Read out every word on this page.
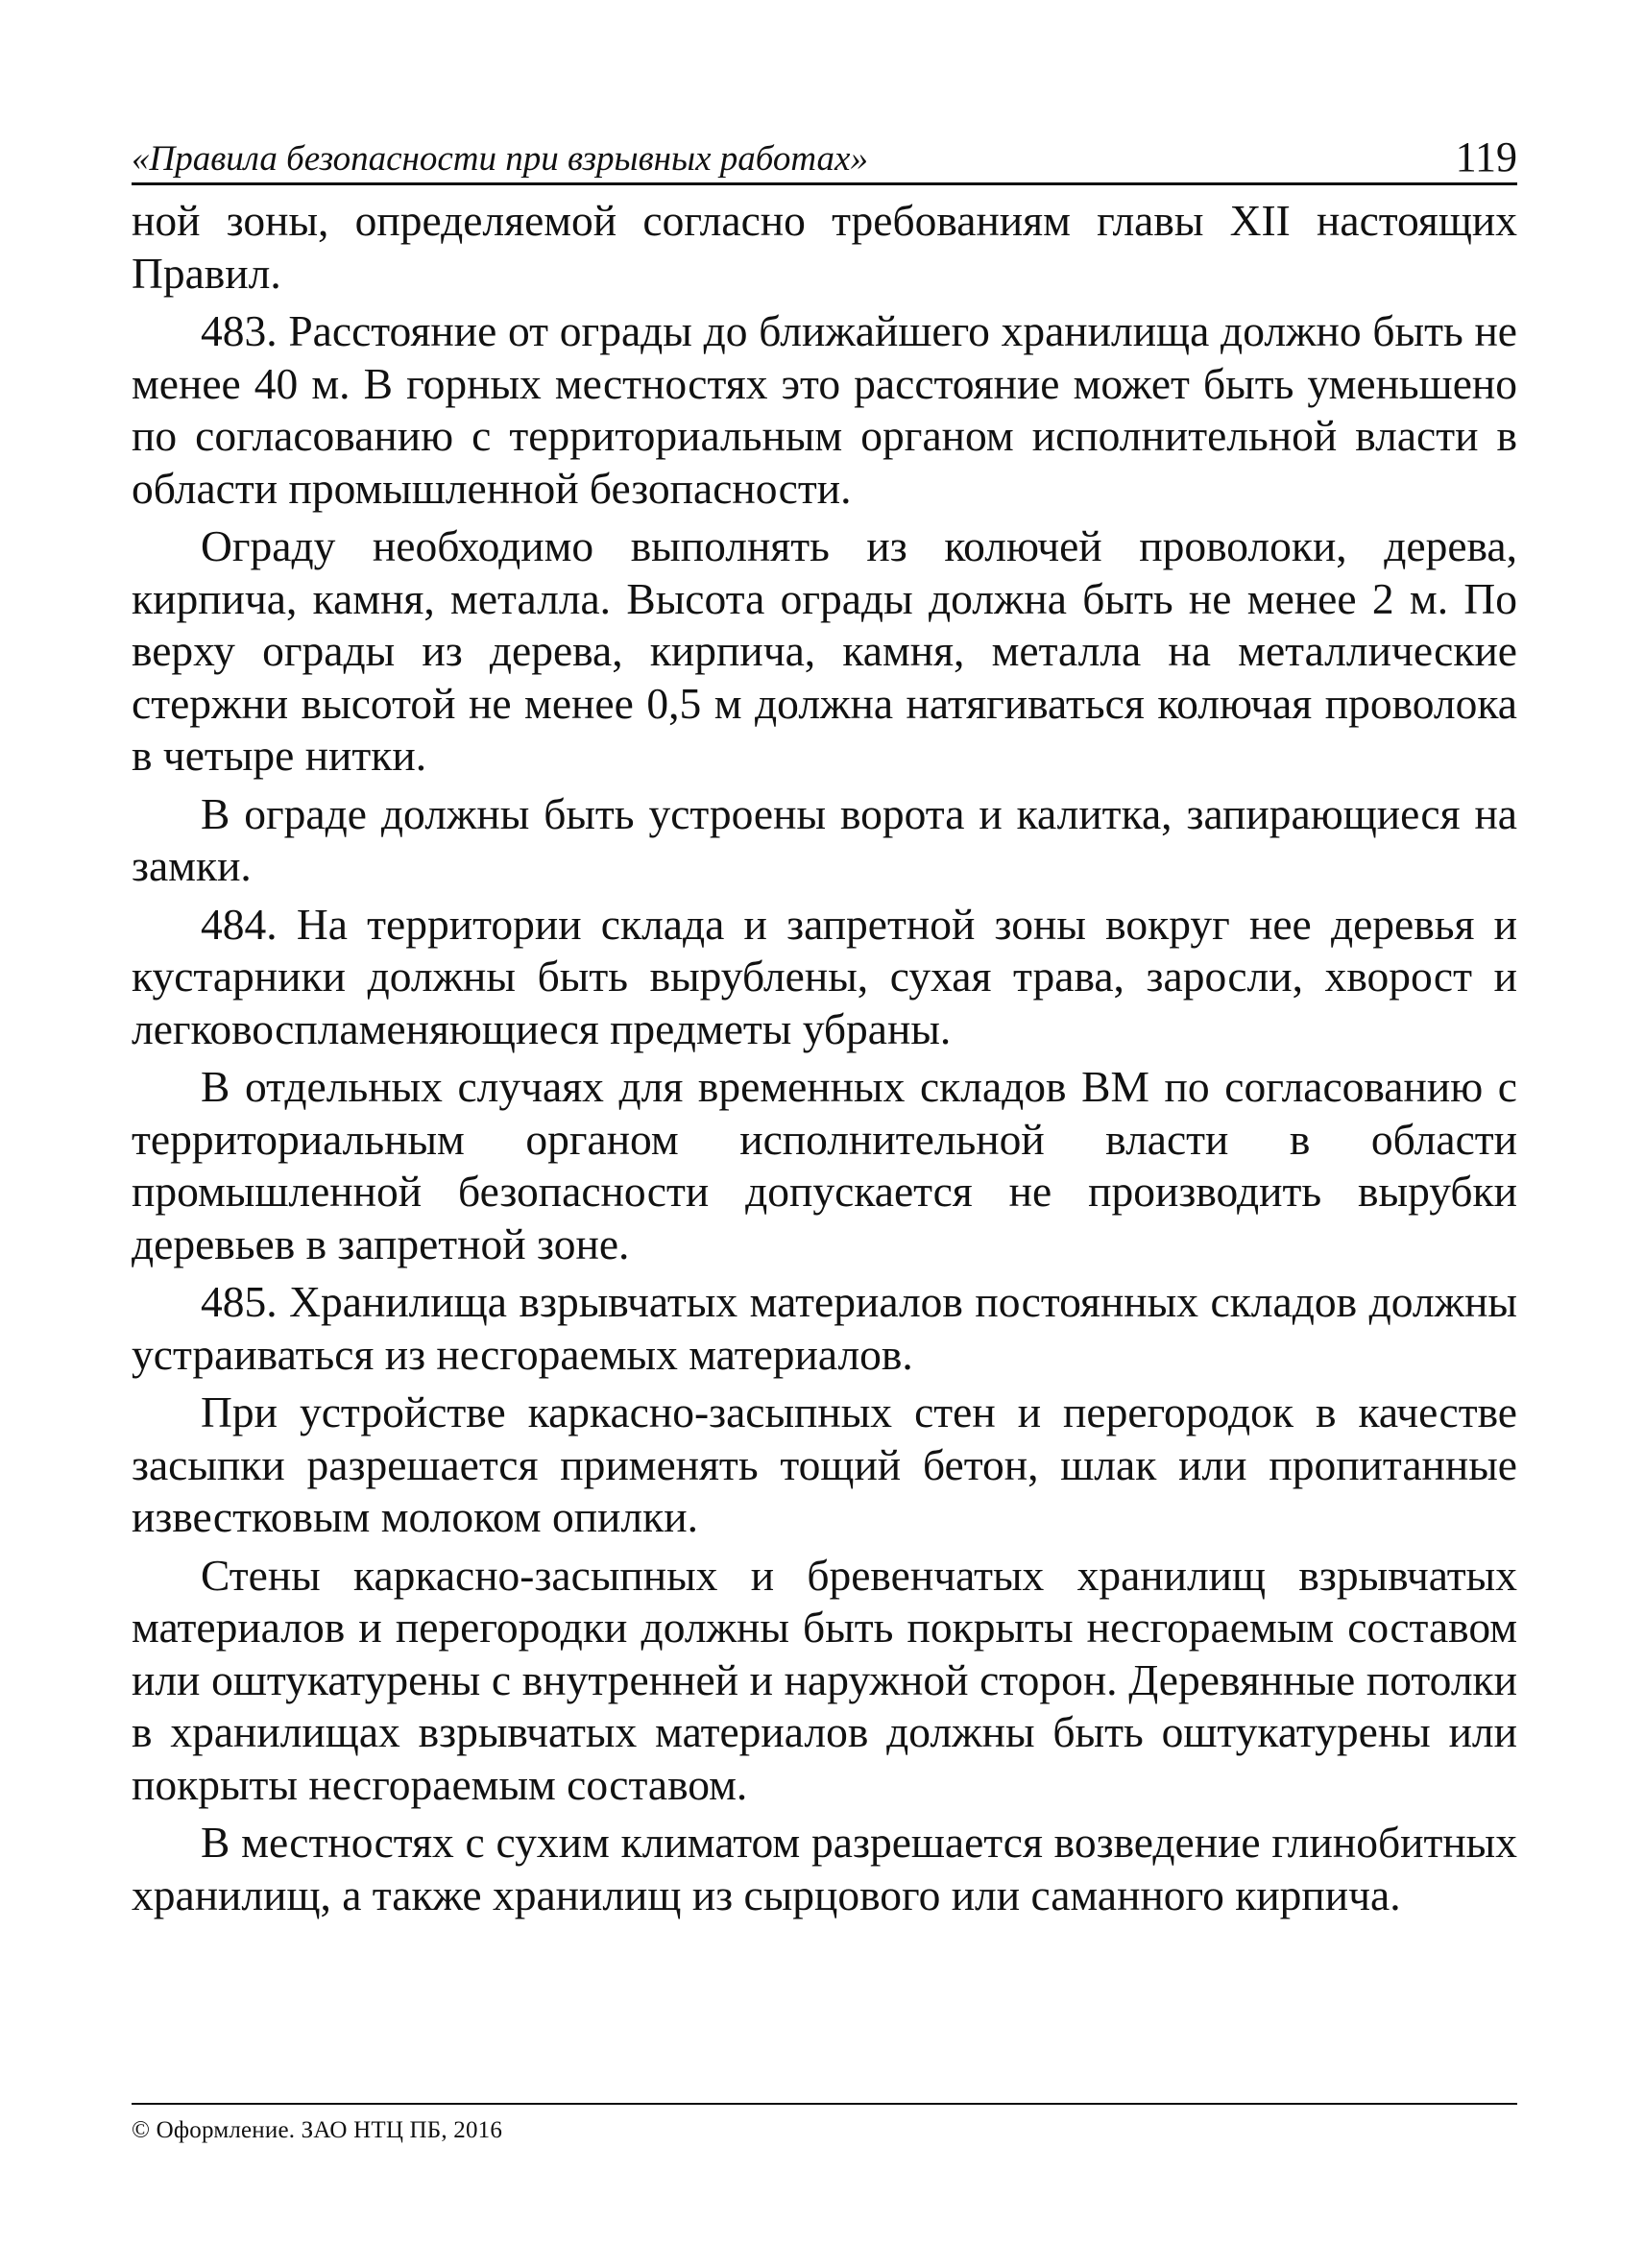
«Правила безопасности при взрывных работах»	119

ной зоны, определяемой согласно требованиям главы XII настоящих Правил.

483. Расстояние от ограды до ближайшего хранилища должно быть не менее 40 м. В горных местностях это расстояние может быть уменьшено по согласованию с территориальным органом исполнительной власти в области промышленной безопасности.

Ограду необходимо выполнять из колючей проволоки, дерева, кирпича, камня, металла. Высота ограды должна быть не менее 2 м. По верху ограды из дерева, кирпича, камня, металла на металлические стержни высотой не менее 0,5 м должна натягиваться колючая проволока в четыре нитки.

В ограде должны быть устроены ворота и калитка, запирающиеся на замки.

484. На территории склада и запретной зоны вокруг нее деревья и кустарники должны быть вырублены, сухая трава, заросли, хворост и легковоспламеняющиеся предметы убраны.

В отдельных случаях для временных складов ВМ по согласованию с территориальным органом исполнительной власти в области промышленной безопасности допускается не производить вырубки деревьев в запретной зоне.

485. Хранилища взрывчатых материалов постоянных складов должны устраиваться из несгораемых материалов.

При устройстве каркасно-засыпных стен и перегородок в качестве засыпки разрешается применять тощий бетон, шлак или пропитанные известковым молоком опилки.

Стены каркасно-засыпных и бревенчатых хранилищ взрывчатых материалов и перегородки должны быть покрыты несгораемым составом или оштукатурены с внутренней и наружной сторон. Деревянные потолки в хранилищах взрывчатых материалов должны быть оштукатурены или покрыты несгораемым составом.

В местностях с сухим климатом разрешается возведение глинобитных хранилищ, а также хранилищ из сырцового или саманного кирпича.

© Оформление. ЗАО НТЦ ПБ, 2016
